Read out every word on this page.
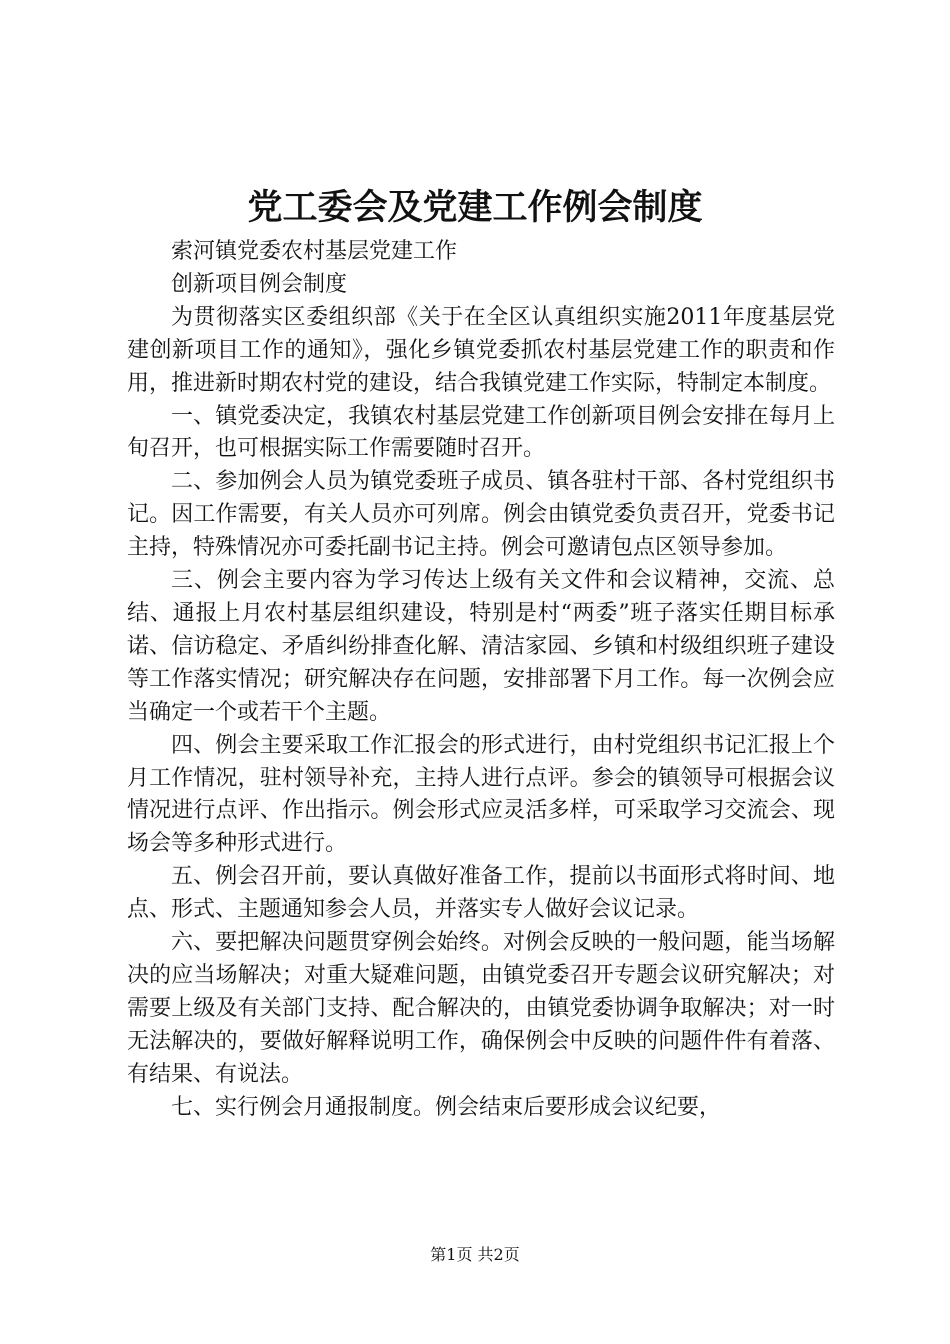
党工委会及党建工作例会制度

索河镇党委农村基层党建工作

创新项目例会制度

为贯彻落实区委组织部《关于在全区认真组织实施2011年度基层党建创新项目工作的通知》，强化乡镇党委抓农村基层党建工作的职责和作用，推进新时期农村党的建设，结合我镇党建工作实际，特制定本制度。

一、镇党委决定，我镇农村基层党建工作创新项目例会安排在每月上旬召开，也可根据实际工作需要随时召开。

二、参加例会人员为镇党委班子成员、镇各驻村干部、各村党组织书记。因工作需要，有关人员亦可列席。例会由镇党委负责召开，党委书记主持，特殊情况亦可委托副书记主持。例会可邀请包点区领导参加。

三、例会主要内容为学习传达上级有关文件和会议精神，交流、总结、通报上月农村基层组织建设，特别是村“两委”班子落实任期目标承诺、信访稳定、矛盾纠纷排查化解、清洁家园、乡镇和村级组织班子建设等工作落实情况；研究解决存在问题，安排部署下月工作。每一次例会应当确定一个或若干个主题。

四、例会主要采取工作汇报会的形式进行，由村党组织书记汇报上个月工作情况，驻村领导补充，主持人进行点评。参会的镇领导可根据会议情况进行点评、作出指示。例会形式应灵活多样，可采取学习交流会、现场会等多种形式进行。

五、例会召开前，要认真做好准备工作，提前以书面形式将时间、地点、形式、主题通知参会人员，并落实专人做好会议记录。

六、要把解决问题贯穿例会始终。对例会反映的一般问题，能当场解决的应当场解决；对重大疑难问题，由镇党委召开专题会议研究解决；对需要上级及有关部门支持、配合解决的，由镇党委协调争取解决；对一时无法解决的，要做好解释说明工作，确保例会中反映的问题件件有着落、有结果、有说法。

七、实行例会月通报制度。例会结束后要形成会议纪要，

第1页 共2页
